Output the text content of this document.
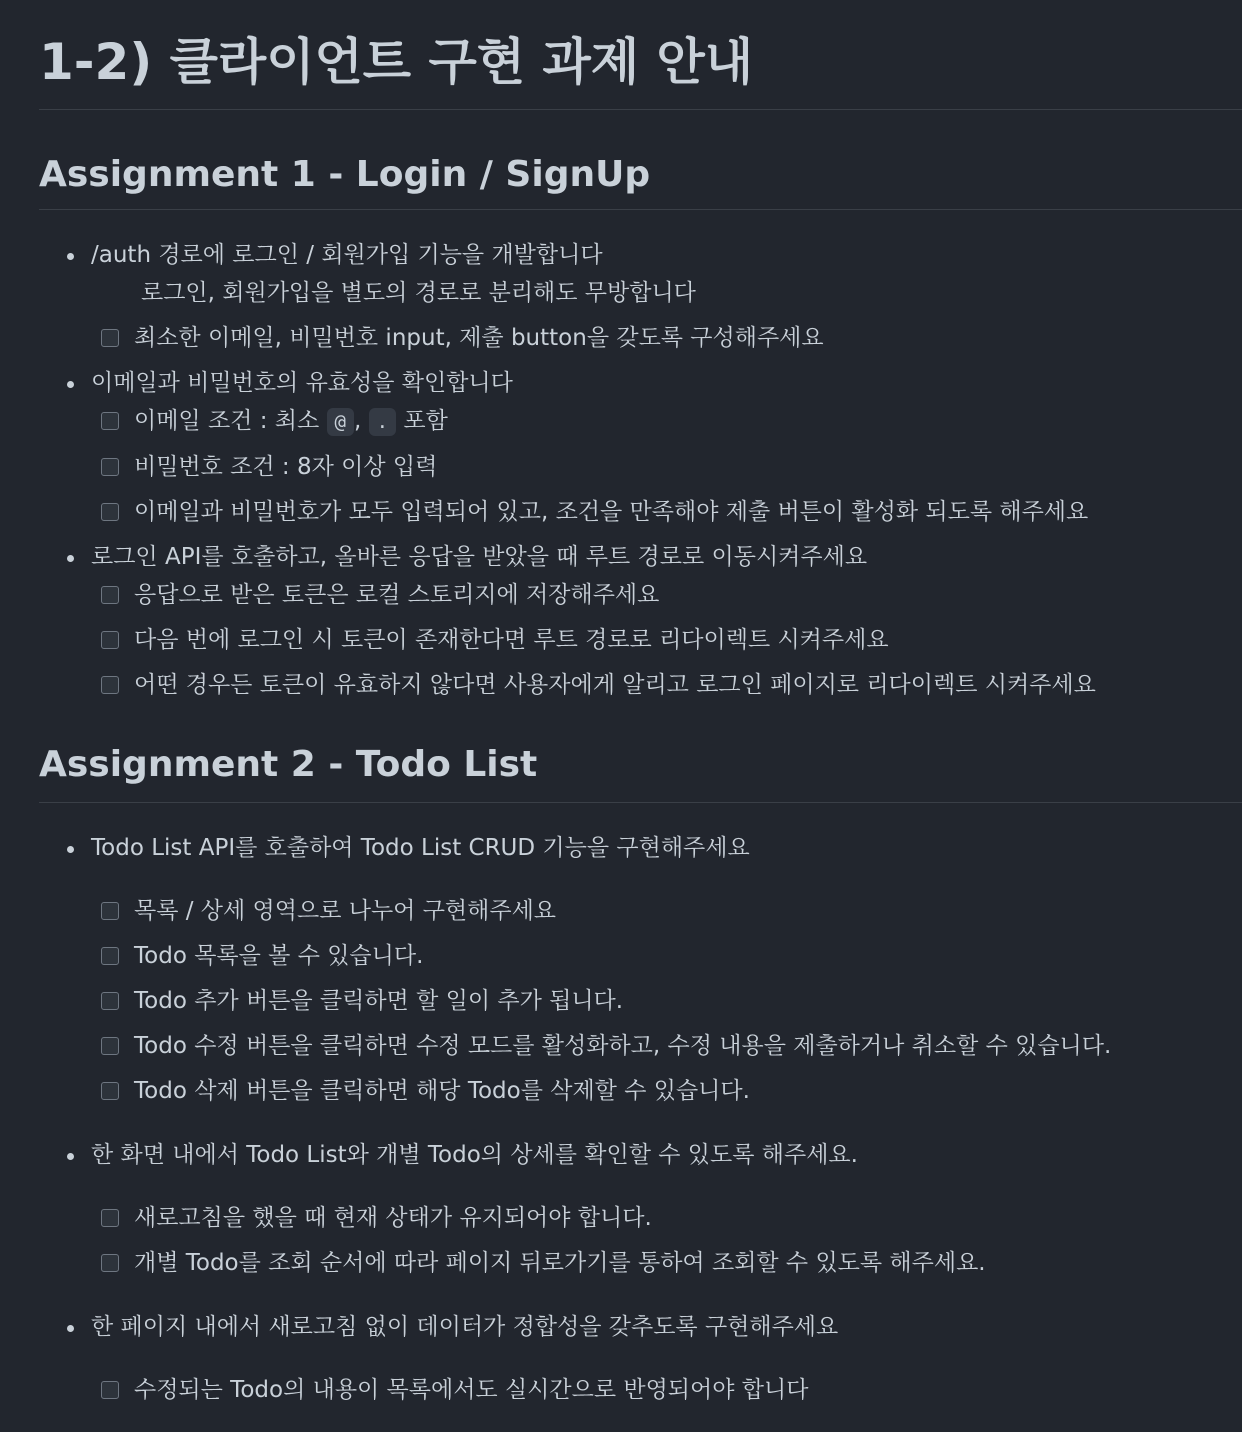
1-2) 클라이언트 구현 과제 안내
Assignment 1 - Login / SignUp
/auth 경로에 로그인 / 회원가입 기능을 개발합니다
로그인, 회원가입을 별도의 경로로 분리해도 무방합니다
최소한 이메일, 비밀번호 input, 제출 button을 갖도록 구성해주세요
이메일과 비밀번호의 유효성을 확인합니다
이메일 조건 : 최소 @ , . 포함
비밀번호 조건 : 8자 이상 입력
이메일과 비밀번호가 모두 입력되어 있고, 조건을 만족해야 제출 버튼이 활성화 되도록 해주세요
로그인 API를 호출하고, 올바른 응답을 받았을 때 루트 경로로 이동시켜주세요
응답으로 받은 토큰은 로컬 스토리지에 저장해주세요
다음 번에 로그인 시 토큰이 존재한다면 루트 경로로 리다이렉트 시켜주세요
어떤 경우든 토큰이 유효하지 않다면 사용자에게 알리고 로그인 페이지로 리다이렉트 시켜주세요
Assignment 2 - Todo List
Todo List API를 호출하여 Todo List CRUD 기능을 구현해주세요
목록 / 상세 영역으로 나누어 구현해주세요
Todo 목록을 볼 수 있습니다.
Todo 추가 버튼을 클릭하면 할 일이 추가 됩니다.
Todo 수정 버튼을 클릭하면 수정 모드를 활성화하고, 수정 내용을 제출하거나 취소할 수 있습니다.
Todo 삭제 버튼을 클릭하면 해당 Todo를 삭제할 수 있습니다.
한 화면 내에서 Todo List와 개별 Todo의 상세를 확인할 수 있도록 해주세요.
새로고침을 했을 때 현재 상태가 유지되어야 합니다.
개별 Todo를 조회 순서에 따라 페이지 뒤로가기를 통하여 조회할 수 있도록 해주세요.
한 페이지 내에서 새로고침 없이 데이터가 정합성을 갖추도록 구현해주세요
수정되는 Todo의 내용이 목록에서도 실시간으로 반영되어야 합니다
